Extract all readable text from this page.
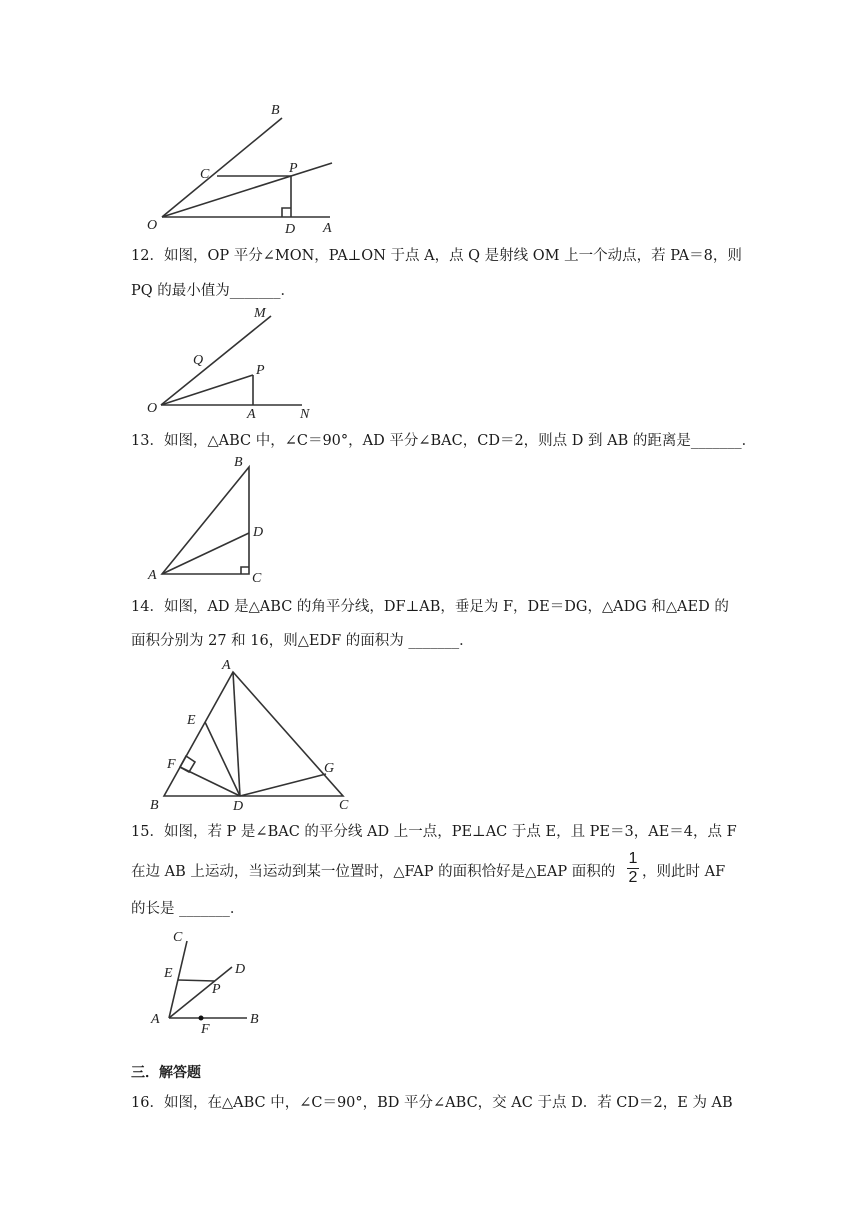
B
C	P
O	D A
12．如图，OP 平分∠MON，PA⊥ON 于点 A，点 Q 是射线 OM 上一个动点，若 PA＝8，则
PQ 的最小值为_______．
M
Q
P
O	A	N
13．如图，△ABC 中，∠C＝90°，AD 平分∠BAC，CD＝2，则点 D 到 AB 的距离是_______．
B
D
A	C
14．如图，AD 是△ABC 的角平分线，DF⊥AB，垂足为 F，DE＝DG，△ADG 和△AED 的
面积分别为 27 和 16，则△EDF 的面积为 _______．
A
E
F	G
B	D	C
15．如图，若 P 是∠BAC 的平分线 AD 上一点，PE⊥AC 于点 E，且 PE＝3，AE＝4，点 F
在边 AB 上运动，当运动到某一位置时，△FAP 的面积恰好是△EAP 面积的
1
2 ，则此时 AF
的长是 _______．
C
E	D
P
A
F
B
三．解答题
16．如图，在△ABC 中，∠C＝90°，BD 平分∠ABC，交 AC 于点 D．若 CD＝2，E 为 AB
